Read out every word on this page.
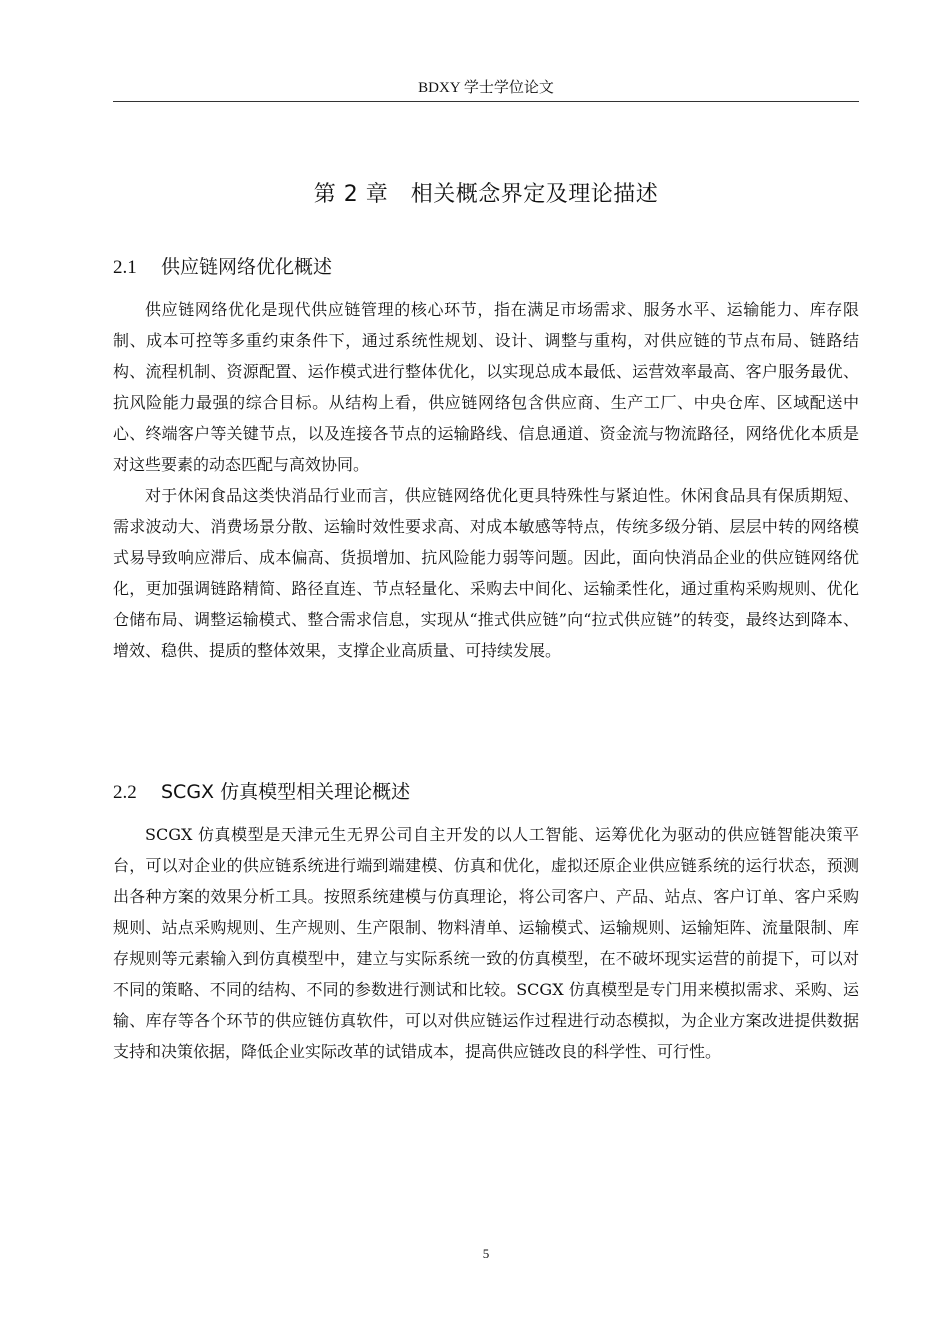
BDXY 学士学位论文
第 2 章　相关概念界定及理论描述
2.1 供应链网络优化概述

供应链网络优化是现代供应链管理的核心环节，指在满足市场需求、服务水平、运输能力、库存限制、成本可控等多重约束条件下，通过系统性规划、设计、调整与重构，对供应链的节点布局、链路结构、流程机制、资源配置、运作模式进行整体优化，以实现总成本最低、运营效率最高、客户服务最优、抗风险能力最强的综合目标。从结构上看，供应链网络包含供应商、生产工厂、中央仓库、区域配送中心、终端客户等关键节点，以及连接各节点的运输路线、信息通道、资金流与物流路径，网络优化本质是对这些要素的动态匹配与高效协同。

对于休闲食品这类快消品行业而言，供应链网络优化更具特殊性与紧迫性。休闲食品具有保质期短、需求波动大、消费场景分散、运输时效性要求高、对成本敏感等特点，传统多级分销、层层中转的网络模式易导致响应滞后、成本偏高、货损增加、抗风险能力弱等问题。因此，面向快消品企业的供应链网络优化，更加强调链路精简、路径直连、节点轻量化、采购去中间化、运输柔性化，通过重构采购规则、优化仓储布局、调整运输模式、整合需求信息，实现从“推式供应链”向“拉式供应链”的转变，最终达到降本、增效、稳供、提质的整体效果，支撑企业高质量、可持续发展。

2.2 SCGX 仿真模型相关理论概述

SCGX 仿真模型是天津元生无界公司自主开发的以人工智能、运筹优化为驱动的供应链智能决策平台，可以对企业的供应链系统进行端到端建模、仿真和优化，虚拟还原企业供应链系统的运行状态，预测出各种方案的效果分析工具。按照系统建模与仿真理论，将公司客户、产品、站点、客户订单、客户采购规则、站点采购规则、生产规则、生产限制、物料清单、运输模式、运输规则、运输矩阵、流量限制、库存规则等元素输入到仿真模型中，建立与实际系统一致的仿真模型，在不破坏现实运营的前提下，可以对不同的策略、不同的结构、不同的参数进行测试和比较。SCGX 仿真模型是专门用来模拟需求、采购、运输、库存等各个环节的供应链仿真软件，可以对供应链运作过程进行动态模拟，为企业方案改进提供数据支持和决策依据，降低企业实际改革的试错成本，提高供应链改良的科学性、可行性。

5
